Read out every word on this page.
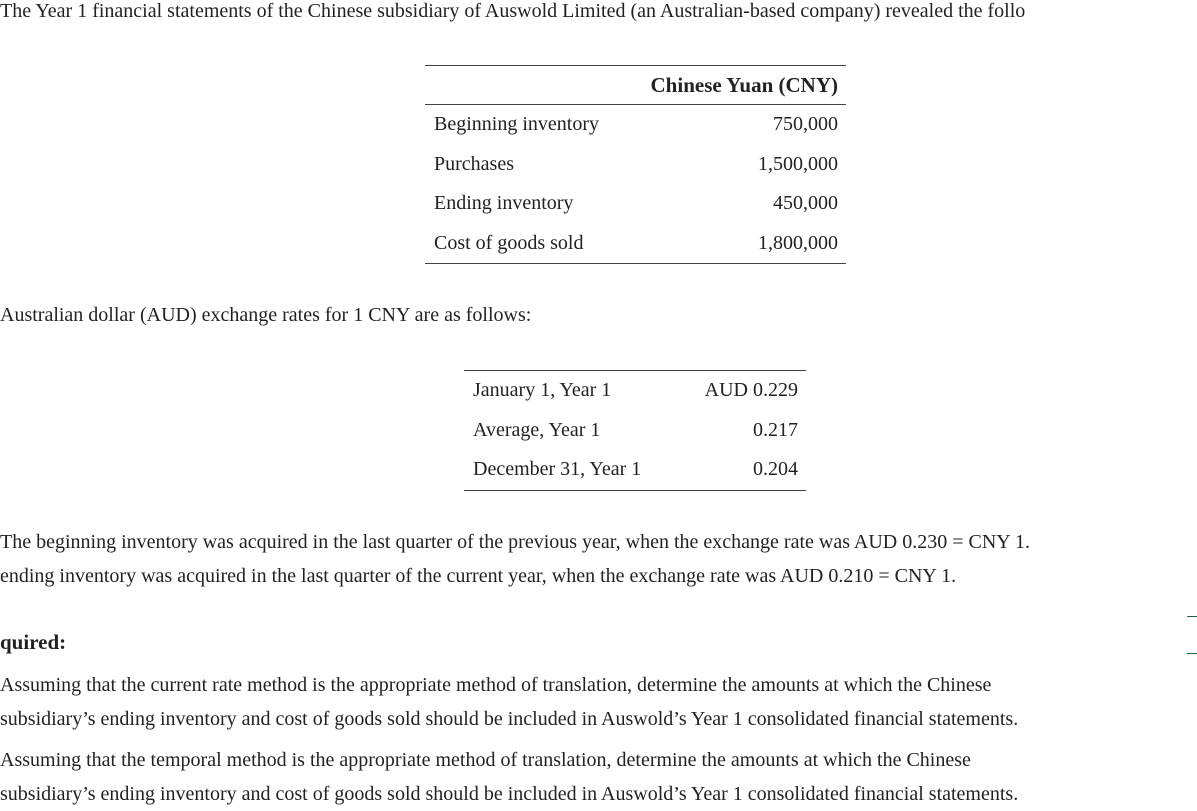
The Year 1 financial statements of the Chinese subsidiary of Auswold Limited (an Australian-based company) revealed the follo
	Chinese Yuan (CNY)
Beginning inventory	750,000
Purchases	1,500,000
Ending inventory	450,000
Cost of goods sold	1,800,000
Australian dollar (AUD) exchange rates for 1 CNY are as follows:
January 1, Year 1	AUD 0.229
Average, Year 1	0.217
December 31, Year 1	0.204
The beginning inventory was acquired in the last quarter of the previous year, when the exchange rate was AUD 0.230 = CNY 1.
ending inventory was acquired in the last quarter of the current year, when the exchange rate was AUD 0.210 = CNY 1.
quired:
Assuming that the current rate method is the appropriate method of translation, determine the amounts at which the Chinese
subsidiary’s ending inventory and cost of goods sold should be included in Auswold’s Year 1 consolidated financial statements.
Assuming that the temporal method is the appropriate method of translation, determine the amounts at which the Chinese
subsidiary’s ending inventory and cost of goods sold should be included in Auswold’s Year 1 consolidated financial statements.
